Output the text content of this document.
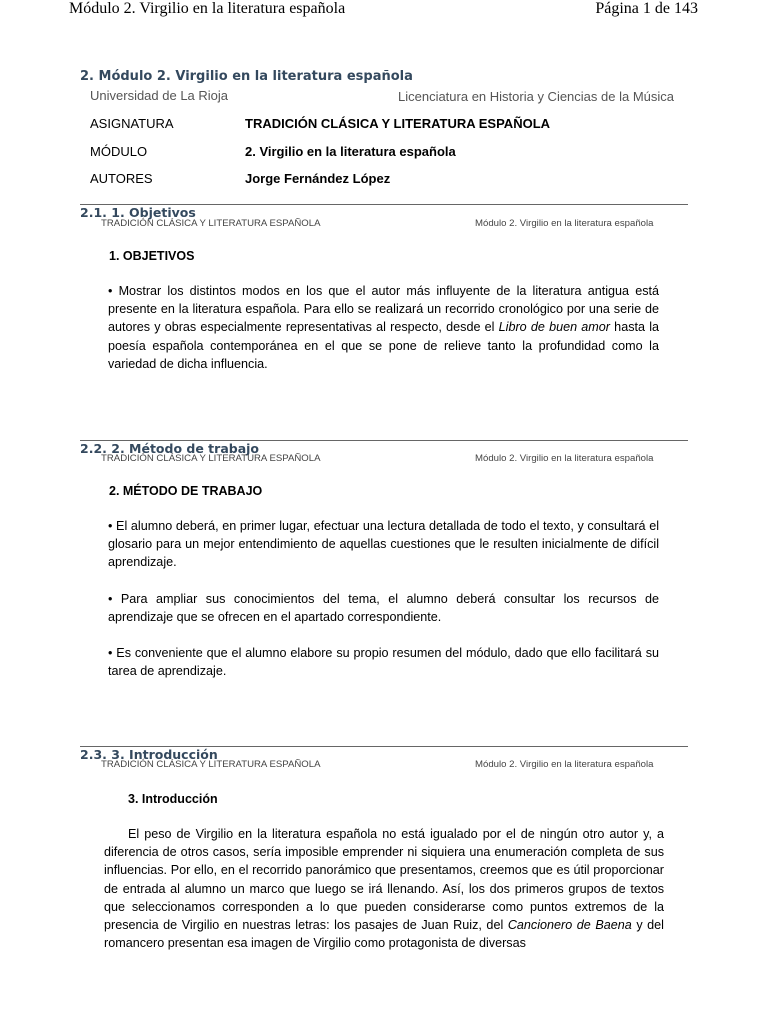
Módulo 2. Virgilio en la literatura española	Página 1 de 143
2. Módulo 2. Virgilio en la literatura española
Universidad de La Rioja	Licenciatura en Historia y Ciencias de la Música
ASIGNATURA	TRADICIÓN CLÁSICA Y LITERATURA ESPAÑOLA
MÓDULO	2. Virgilio en la literatura española
AUTORES	Jorge Fernández López
2.1. 1. Objetivos
TRADICIÓN CLÁSICA Y LITERATURA ESPAÑOLA	Módulo 2. Virgilio en la literatura española
1. OBJETIVOS

• Mostrar los distintos modos en los que el autor más influyente de la literatura antigua está presente en la literatura española. Para ello se realizará un recorrido cronológico por una serie de autores y obras especialmente representativas al respecto, desde el Libro de buen amor hasta la poesía española contemporánea en el que se pone de relieve tanto la profundidad como la variedad de dicha influencia.

2.2. 2. Método de trabajo
TRADICIÓN CLÁSICA Y LITERATURA ESPAÑOLA	Módulo 2. Virgilio en la literatura española
2. MÉTODO DE TRABAJO

• El alumno deberá, en primer lugar, efectuar una lectura detallada de todo el texto, y consultará el glosario para un mejor entendimiento de aquellas cuestiones que le resulten inicialmente de difícil aprendizaje.

• Para ampliar sus conocimientos del tema, el alumno deberá consultar los recursos de aprendizaje que se ofrecen en el apartado correspondiente.

• Es conveniente que el alumno elabore su propio resumen del módulo, dado que ello facilitará su tarea de aprendizaje.

2.3. 3. Introducción
TRADICIÓN CLÁSICA Y LITERATURA ESPAÑOLA	Módulo 2. Virgilio en la literatura española
3. Introducción

El peso de Virgilio en la literatura española no está igualado por el de ningún otro autor y, a diferencia de otros casos, sería imposible emprender ni siquiera una enumeración completa de sus influencias. Por ello, en el recorrido panorámico que presentamos, creemos que es útil proporcionar de entrada al alumno un marco que luego se irá llenando. Así, los dos primeros grupos de textos que seleccionamos corresponden a lo que pueden considerarse como puntos extremos de la presencia de Virgilio en nuestras letras: los pasajes de Juan Ruiz, del Cancionero de Baena y del romancero presentan esa imagen de Virgilio como protagonista de diversas
